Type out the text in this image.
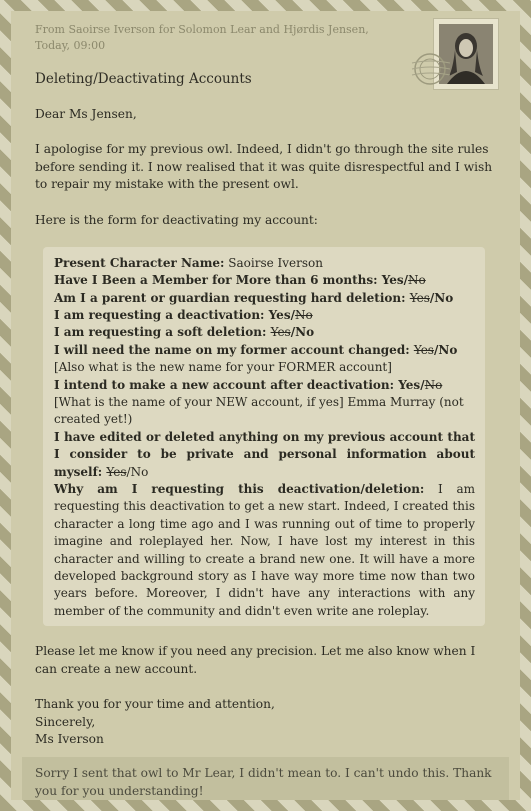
From Saoirse Iverson for Solomon Lear and Hjørdis Jensen,
Today, 09:00
Deleting/Deactivating Accounts

Dear Ms Jensen,

I apologise for my previous owl. Indeed, I didn't go through the site rules before sending it. I now realised that it was quite disrespectful and I wish to repair my mistake with the present owl.

Here is the form for deactivating my account:

Present Character Name: Saoirse Iverson
Have I Been a Member for More than 6 months: Yes/No
Am I a parent or guardian requesting hard deletion: Yes/No
I am requesting a deactivation: Yes/No
I am requesting a soft deletion: Yes/No
I will need the name on my former account changed: Yes/No [Also what is the new name for your FORMER account]
I intend to make a new account after deactivation: Yes/No [What is the name of your NEW account, if yes] Emma Murray (not created yet!)
I have edited or deleted anything on my previous account that I consider to be private and personal information about myself: Yes/No
Why am I requesting this deactivation/deletion: I am requesting this deactivation to get a new start. Indeed, I created this character a long time ago and I was running out of time to properly imagine and roleplayed her. Now, I have lost my interest in this character and willing to create a brand new one. It will have a more developed background story as I have way more time now than two years before. Moreover, I didn't have any interactions with any member of the community and didn't even write ane roleplay.

Please let me know if you need any precision. Let me also know when I can create a new account.

Thank you for your time and attention,
Sincerely,
Ms Iverson
Sorry I sent that owl to Mr Lear, I didn't mean to. I can't undo this. Thank you for you understanding!
